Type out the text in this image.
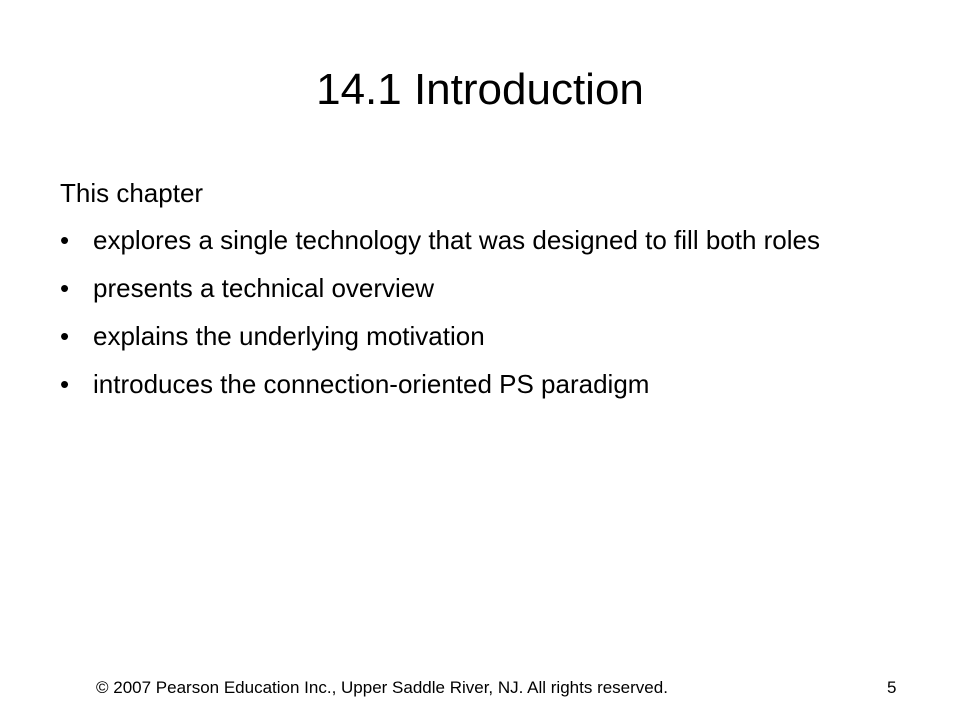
14.1 Introduction

This chapter

• explores a single technology that was designed to fill both roles
• presents a technical overview
• explains the underlying motivation
• introduces the connection-oriented PS paradigm
© 2007 Pearson Education Inc., Upper Saddle River, NJ. All rights reserved.	5
